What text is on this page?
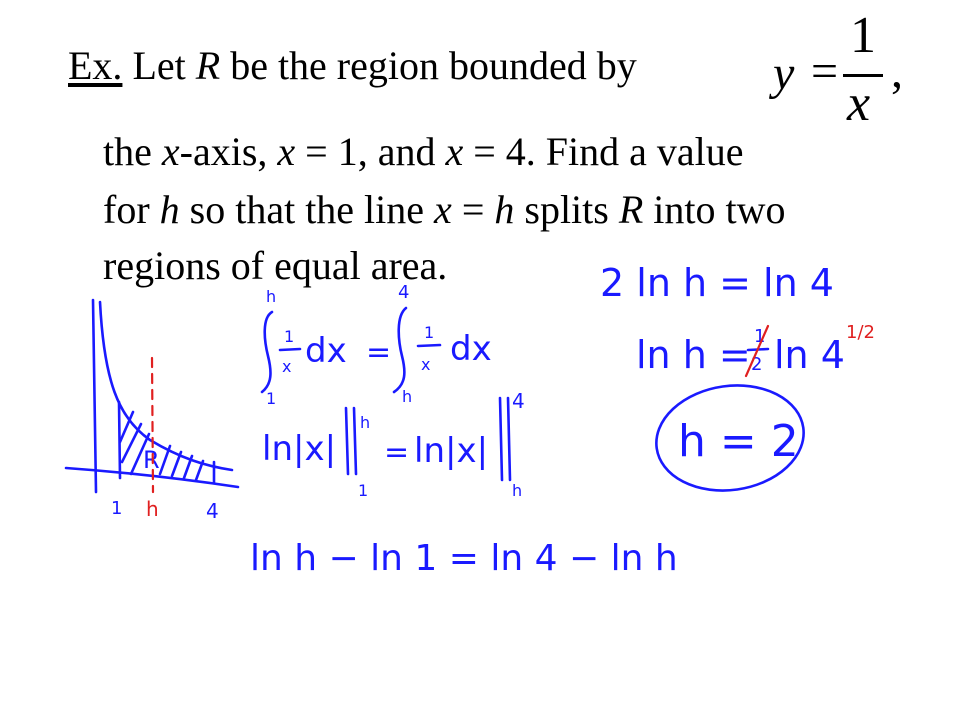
Ex. Let R be the region bounded by	y =
1
x
,
the x-axis, x = 1, and x = 4. Find a value
for h so that the line x = h splits R into two
regions of equal area.
R
1 h 4
h
1
1
x dx =
4
h
1
x dx
ln|x|
h
1
= ln|x|
4
h
ln h − ln 1 = ln 4 − ln h
2 ln h = ln 4
ln h = 1
2 ln 4
1/2
h = 2
